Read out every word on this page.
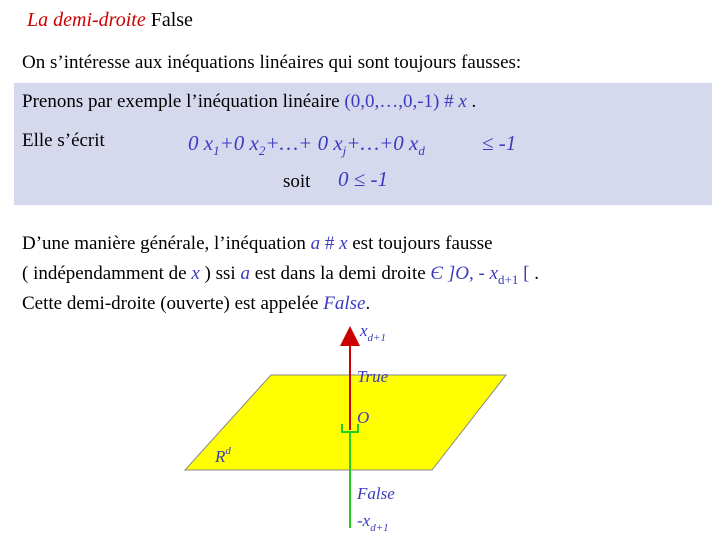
La demi-droite False
On s’intéresse aux inéquations linéaires qui sont toujours fausses:
Prenons par exemple l’inéquation linéaire (0,0,…,0,-1) # x .
Elle s’écrit	0 $x_1+0$ $x_2+\dots+ 0$ $x_j+\dots+0$ $x_d$	≤ -1
soit 0 ≤ -1
D’une manière générale, l’inéquation a # x est toujours fausse
( indépendamment de x ) ssi a est dans la demi droite Є ]O, - $x_{d+1}$ [ .
Cette demi-droite (ouverte) est appelée False.
$x_{d+1}$
True
O
$R^d$
False
$-x_{d+1}$
